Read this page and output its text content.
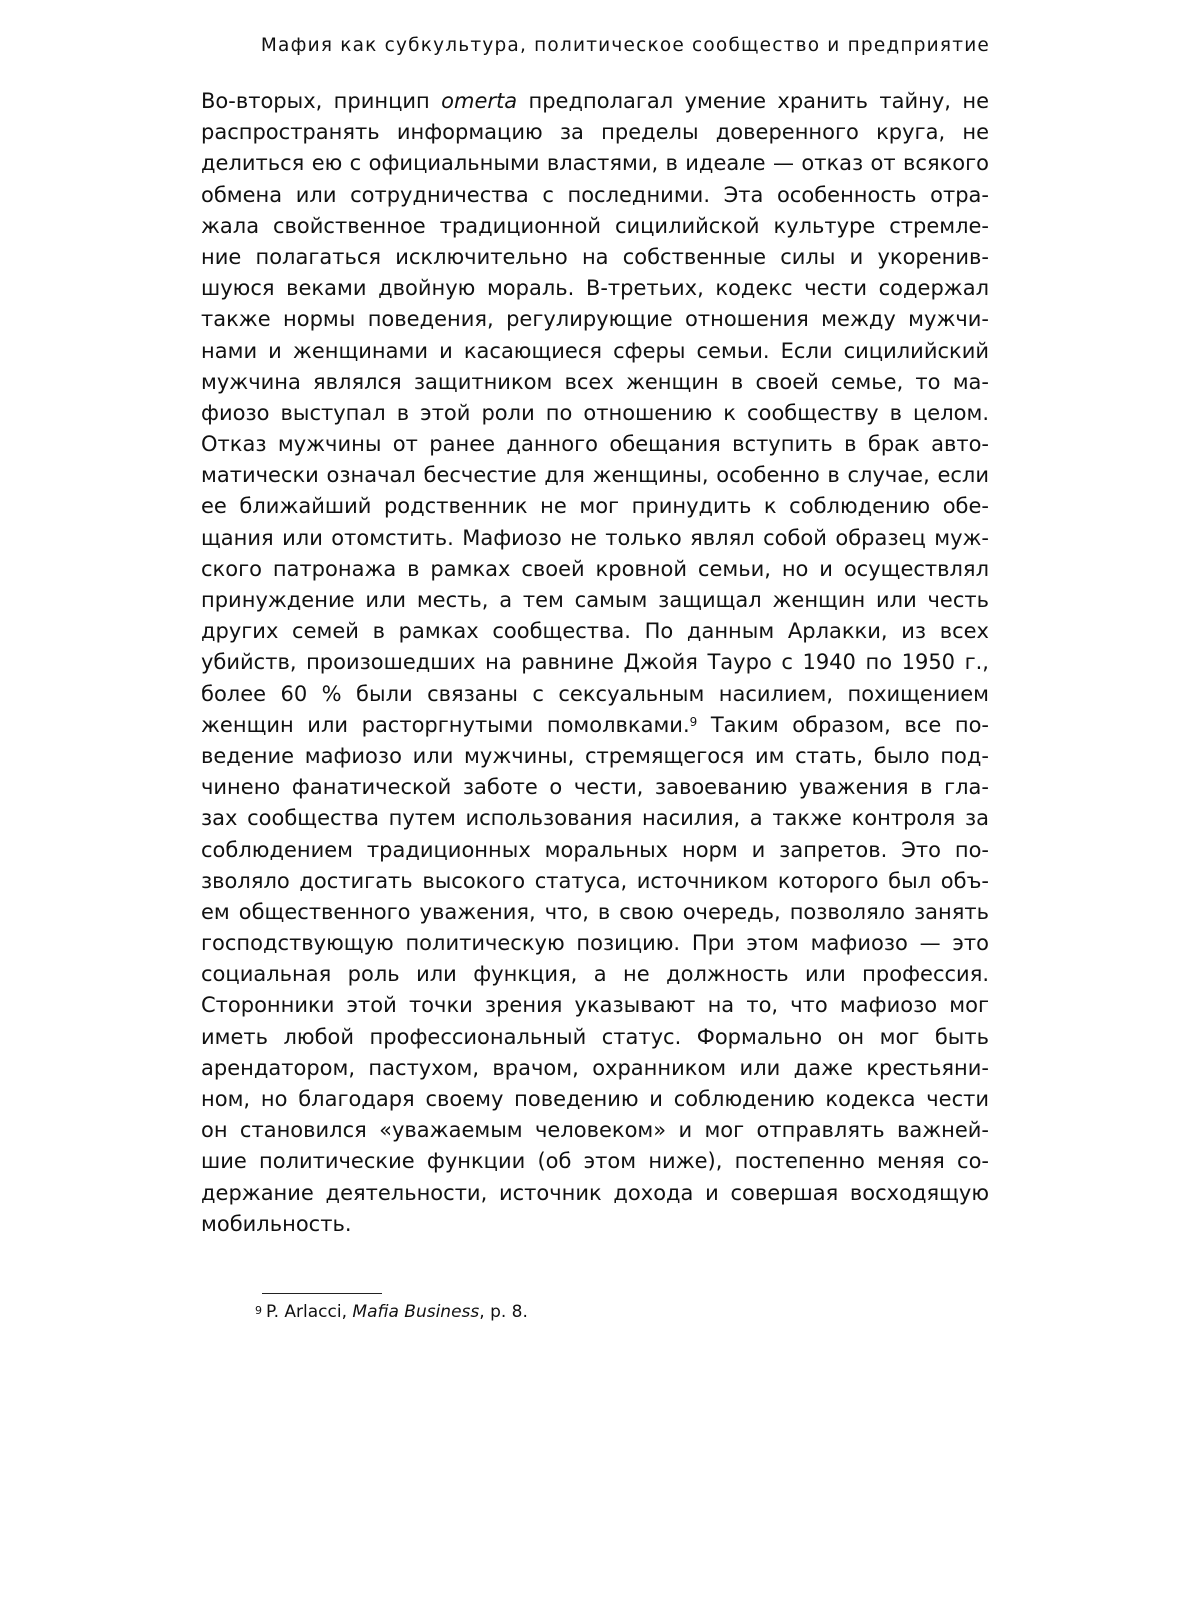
Мафия как субкультура, политическое сообщество и предприятие
Во-вторых, принцип omerta предполагал умение хранить тайну, не
распространять информацию за пределы доверенного круга, не
делиться ею с официальными властями, в идеале — отказ от всякого
обмена или сотрудничества с последними. Эта особенность отра-
жала свойственное традиционной сицилийской культуре стремле-
ние полагаться исключительно на собственные силы и укоренив-
шуюся веками двойную мораль. В-третьих, кодекс чести содержал
также нормы поведения, регулирующие отношения между мужчи-
нами и женщинами и касающиеся сферы семьи. Если сицилийский
мужчина являлся защитником всех женщин в своей семье, то ма-
фиозо выступал в этой роли по отношению к сообществу в целом.
Отказ мужчины от ранее данного обещания вступить в брак авто-
матически означал бесчестие для женщины, особенно в случае, если
ее ближайший родственник не мог принудить к соблюдению обе-
щания или отомстить. Мафиозо не только являл собой образец муж-
ского патронажа в рамках своей кровной семьи, но и осуществлял
принуждение или месть, а тем самым защищал женщин или честь
других семей в рамках сообщества. По данным Арлакки, из всех
убийств, произошедших на равнине Джойя Тауро с 1940 по 1950 г.,
более 60 % были связаны с сексуальным насилием, похищением
женщин или расторгнутыми помолвками.$^9$ Таким образом, все по-
ведение мафиозо или мужчины, стремящегося им стать, было под-
чинено фанатической заботе о чести, завоеванию уважения в гла-
зах сообщества путем использования насилия, а также контроля за
соблюдением традиционных моральных норм и запретов. Это по-
зволяло достигать высокого статуса, источником которого был объ-
ем общественного уважения, что, в свою очередь, позволяло занять
господствующую политическую позицию. При этом мафиозо — это
социальная роль или функция, а не должность или профессия.
Сторонники этой точки зрения указывают на то, что мафиозо мог
иметь любой профессиональный статус. Формально он мог быть
арендатором, пастухом, врачом, охранником или даже крестьяни-
ном, но благодаря своему поведению и соблюдению кодекса чести
он становился «уважаемым человеком» и мог отправлять важней-
шие политические функции (об этом ниже), постепенно меняя со-
держание деятельности, источник дохода и совершая восходящую
мобильность.
$^9$ P. Arlacci, Mafia Business, p. 8.
